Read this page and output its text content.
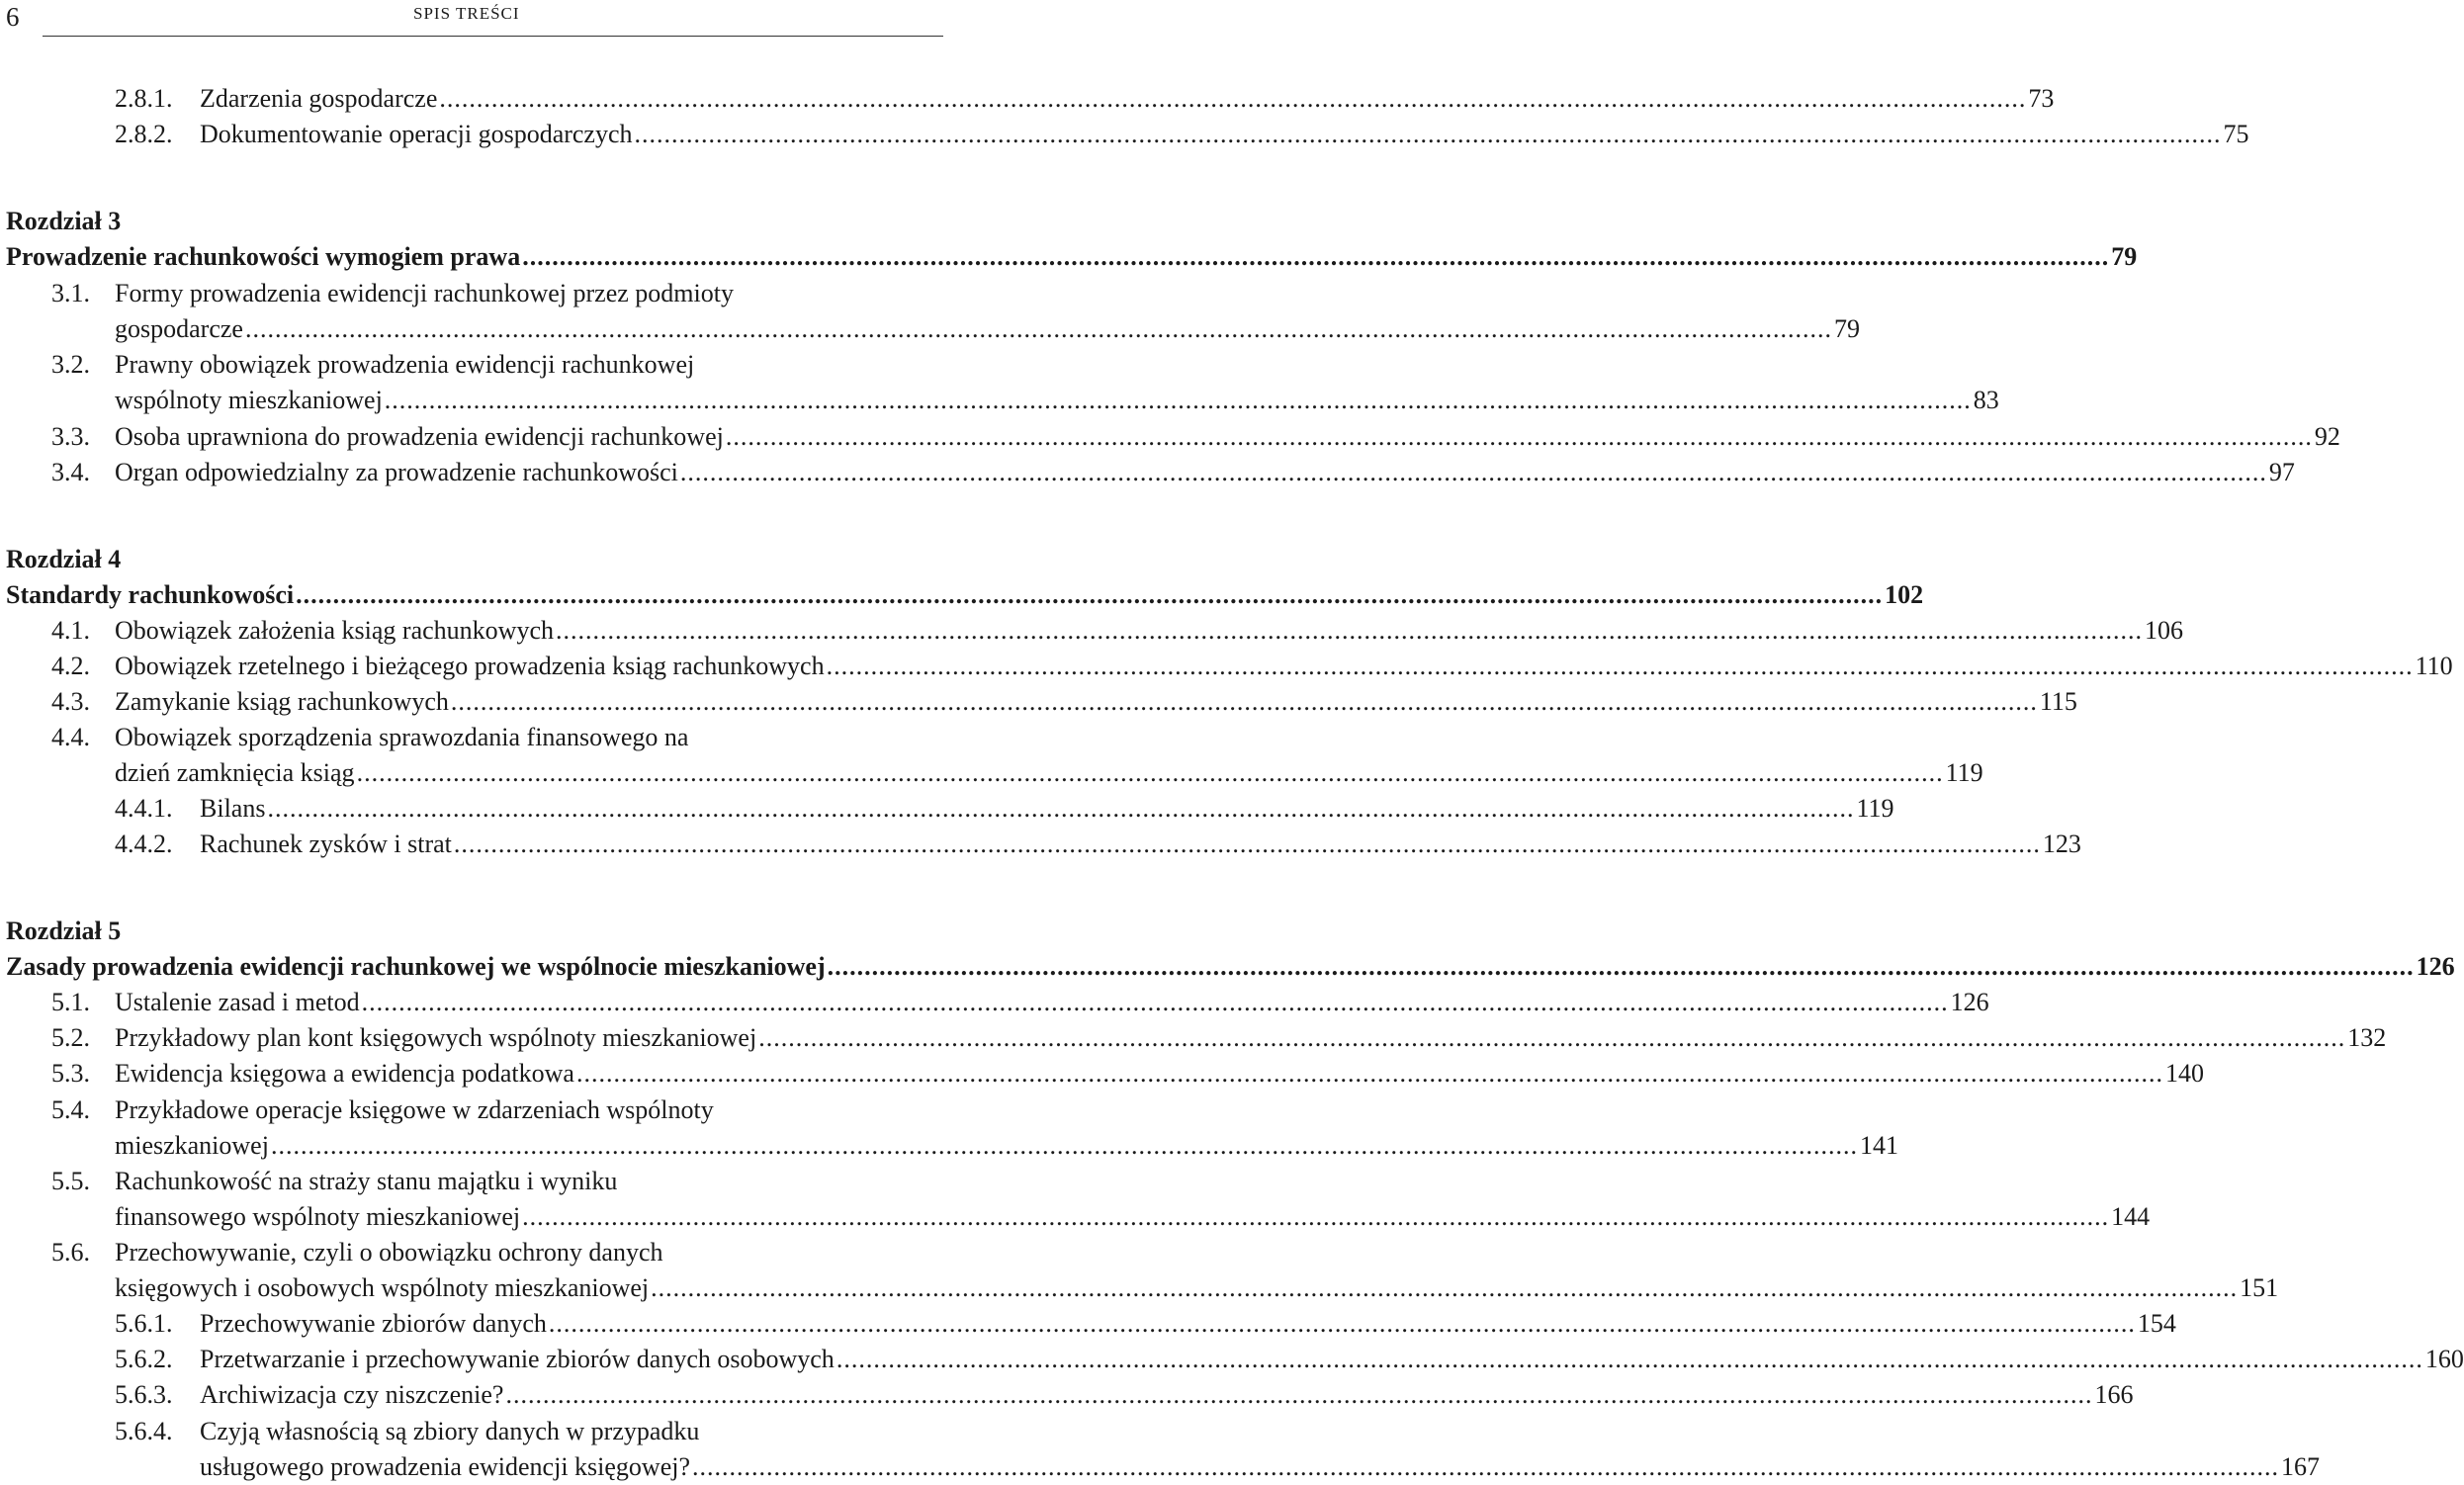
6	SPIS TREŚCI
2.8.1. Zdarzenia gospodarcze ...................................................................................................................................................................................................................... 73
2.8.2. Dokumentowanie operacji gospodarczych ...................................................................................................................................................................................................................... 75
Rozdział 3
Prowadzenie rachunkowości wymogiem prawa ...................................................................................................................................................................................................................... 79
3.1. Formy prowadzenia ewidencji rachunkowej przez podmioty
gospodarcze ...................................................................................................................................................................................................................... 79
3.2. Prawny obowiązek prowadzenia ewidencji rachunkowej
wspólnoty mieszkaniowej ...................................................................................................................................................................................................................... 83
3.3. Osoba uprawniona do prowadzenia ewidencji rachunkowej ...................................................................................................................................................................................................................... 92
3.4. Organ odpowiedzialny za prowadzenie rachunkowości ...................................................................................................................................................................................................................... 97
Rozdział 4
Standardy rachunkowości ...................................................................................................................................................................................................................... 102
4.1. Obowiązek założenia ksiąg rachunkowych ...................................................................................................................................................................................................................... 106
4.2. Obowiązek rzetelnego i bieżącego prowadzenia ksiąg rachunkowych ...................................................................................................................................................................................................................... 110
4.3. Zamykanie ksiąg rachunkowych ...................................................................................................................................................................................................................... 115
4.4. Obowiązek sporządzenia sprawozdania finansowego na
dzień zamknięcia ksiąg ...................................................................................................................................................................................................................... 119
4.4.1. Bilans ...................................................................................................................................................................................................................... 119
4.4.2. Rachunek zysków i strat ...................................................................................................................................................................................................................... 123
Rozdział 5
Zasady prowadzenia ewidencji rachunkowej we wspólnocie mieszkaniowej ...................................................................................................................................................................................................................... 126
5.1. Ustalenie zasad i metod ...................................................................................................................................................................................................................... 126
5.2. Przykładowy plan kont księgowych wspólnoty mieszkaniowej ...................................................................................................................................................................................................................... 132
5.3. Ewidencja księgowa a ewidencja podatkowa ...................................................................................................................................................................................................................... 140
5.4. Przykładowe operacje księgowe w zdarzeniach wspólnoty
mieszkaniowej ...................................................................................................................................................................................................................... 141
5.5. Rachunkowość na straży stanu majątku i wyniku
finansowego wspólnoty mieszkaniowej ...................................................................................................................................................................................................................... 144
5.6. Przechowywanie, czyli o obowiązku ochrony danych
księgowych i osobowych wspólnoty mieszkaniowej ...................................................................................................................................................................................................................... 151
5.6.1. Przechowywanie zbiorów danych ...................................................................................................................................................................................................................... 154
5.6.2. Przetwarzanie i przechowywanie zbiorów danych osobowych ...................................................................................................................................................................................................................... 160
5.6.3. Archiwizacja czy niszczenie? ...................................................................................................................................................................................................................... 166
5.6.4. Czyją własnością są zbiory danych w przypadku
usługowego prowadzenia ewidencji księgowej? ...................................................................................................................................................................................................................... 167
